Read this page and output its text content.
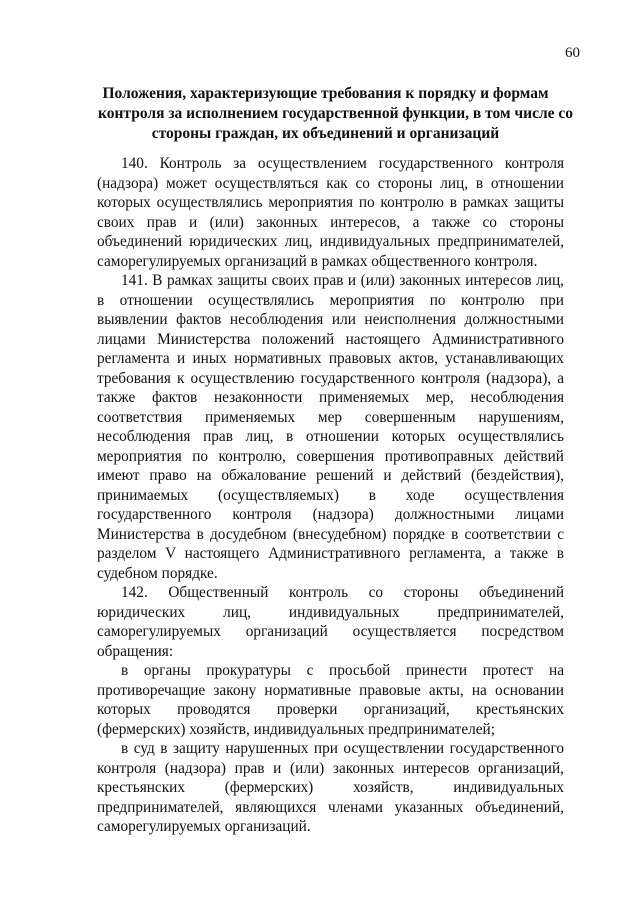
60
Положения, характеризующие требования к порядку и формам
контроля за исполнением государственной функции, в том числе со
стороны граждан, их объединений и организаций

140. Контроль за осуществлением государственного контроля (надзора) может осуществляться как со стороны лиц, в отношении которых осуществлялись мероприятия по контролю в рамках защиты своих прав и (или) законных интересов, а также со стороны объединений юридических лиц, индивидуальных предпринимателей, саморегулируемых организаций в рамках общественного контроля.

141. В рамках защиты своих прав и (или) законных интересов лиц, в отношении осуществлялись мероприятия по контролю при выявлении фактов несоблюдения или неисполнения должностными лицами Министерства положений настоящего Административного регламента и иных нормативных правовых актов, устанавливающих требования к осуществлению государственного контроля (надзора), а также фактов незаконности применяемых мер, несоблюдения соответствия применяемых мер совершенным нарушениям, несоблюдения прав лиц, в отношении которых осуществлялись мероприятия по контролю, совершения противоправных действий имеют право на обжалование решений и действий (бездействия), принимаемых (осуществляемых) в ходе осуществления государственного контроля (надзора) должностными лицами Министерства в досудебном (внесудебном) порядке в соответствии с разделом V настоящего Административного регламента, а также в судебном порядке.

142. Общественный контроль со стороны объединений юридических лиц, индивидуальных предпринимателей, саморегулируемых организаций осуществляется посредством обращения:

в органы прокуратуры с просьбой принести протест на противоречащие закону нормативные правовые акты, на основании которых проводятся проверки организаций, крестьянских (фермерских) хозяйств, индивидуальных предпринимателей;

в суд в защиту нарушенных при осуществлении государственного контроля (надзора) прав и (или) законных интересов организаций, крестьянских (фермерских) хозяйств, индивидуальных предпринимателей, являющихся членами указанных объединений, саморегулируемых организаций.
